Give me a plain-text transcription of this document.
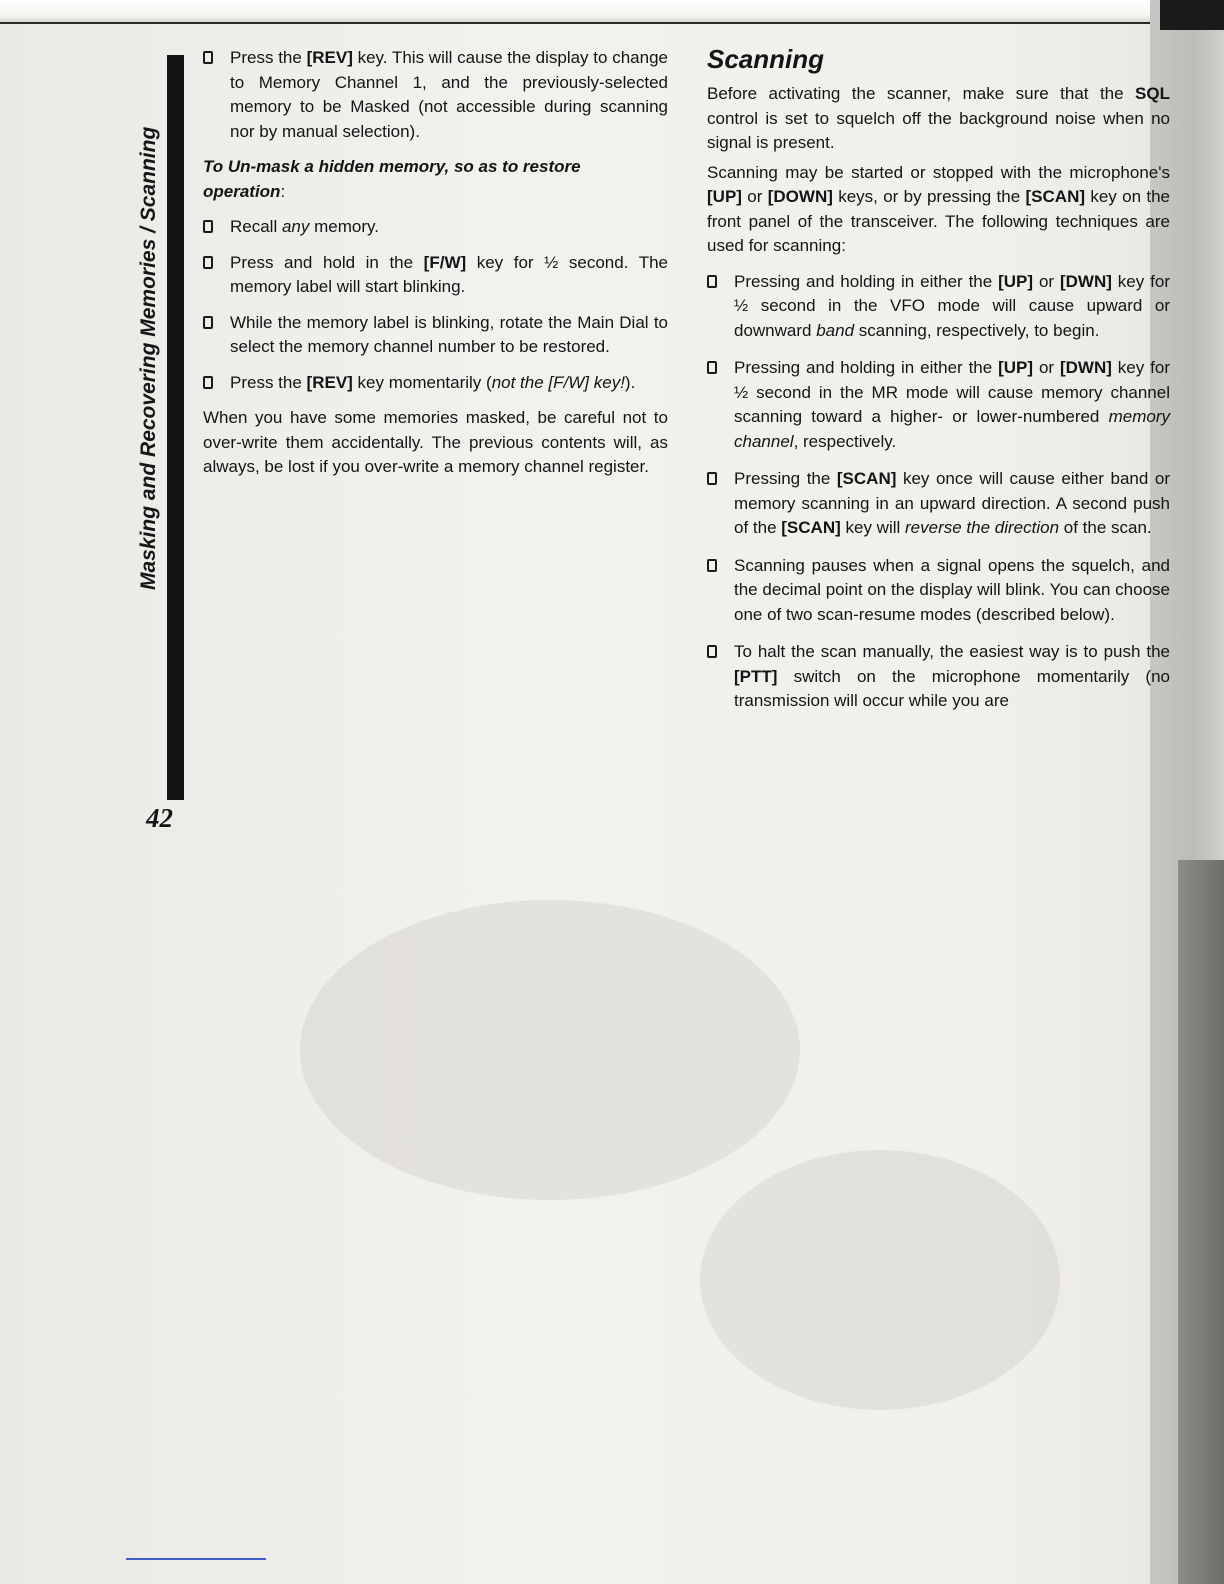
Masking and Recovering Memories / Scanning
42
Press the [REV] key. This will cause the display to change to Memory Channel 1, and the previously-selected memory to be Masked (not accessible during scanning nor by manual selection).
To Un-mask a hidden memory, so as to restore
operation:
Recall any memory.
Press and hold in the [F/W] key for ½ second. The memory label will start blinking.
While the memory label is blinking, rotate the Main Dial to select the memory channel number to be restored.
Press the [REV] key momentarily (not the [F/W] key!).

When you have some memories masked, be careful not to over-write them accidentally. The previous contents will, as always, be lost if you over-write a memory channel register.

Scanning

Before activating the scanner, make sure that the SQL control is set to squelch off the background noise when no signal is present.

Scanning may be started or stopped with the microphone's [UP] or [DOWN] keys, or by pressing the [SCAN] key on the front panel of the transceiver. The following techniques are used for scanning:

Pressing and holding in either the [UP] or [DWN] key for ½ second in the VFO mode will cause upward or downward band scanning, respectively, to begin.
Pressing and holding in either the [UP] or [DWN] key for ½ second in the MR mode will cause memory channel scanning toward a higher- or lower-numbered memory channel, respectively.
Pressing the [SCAN] key once will cause either band or memory scanning in an upward direction. A second push of the [SCAN] key will reverse the direction of the scan.
Scanning pauses when a signal opens the squelch, and the decimal point on the display will blink. You can choose one of two scan-resume modes (described below).
To halt the scan manually, the easiest way is to push the [PTT] switch on the microphone momentarily (no transmission will occur while you are
